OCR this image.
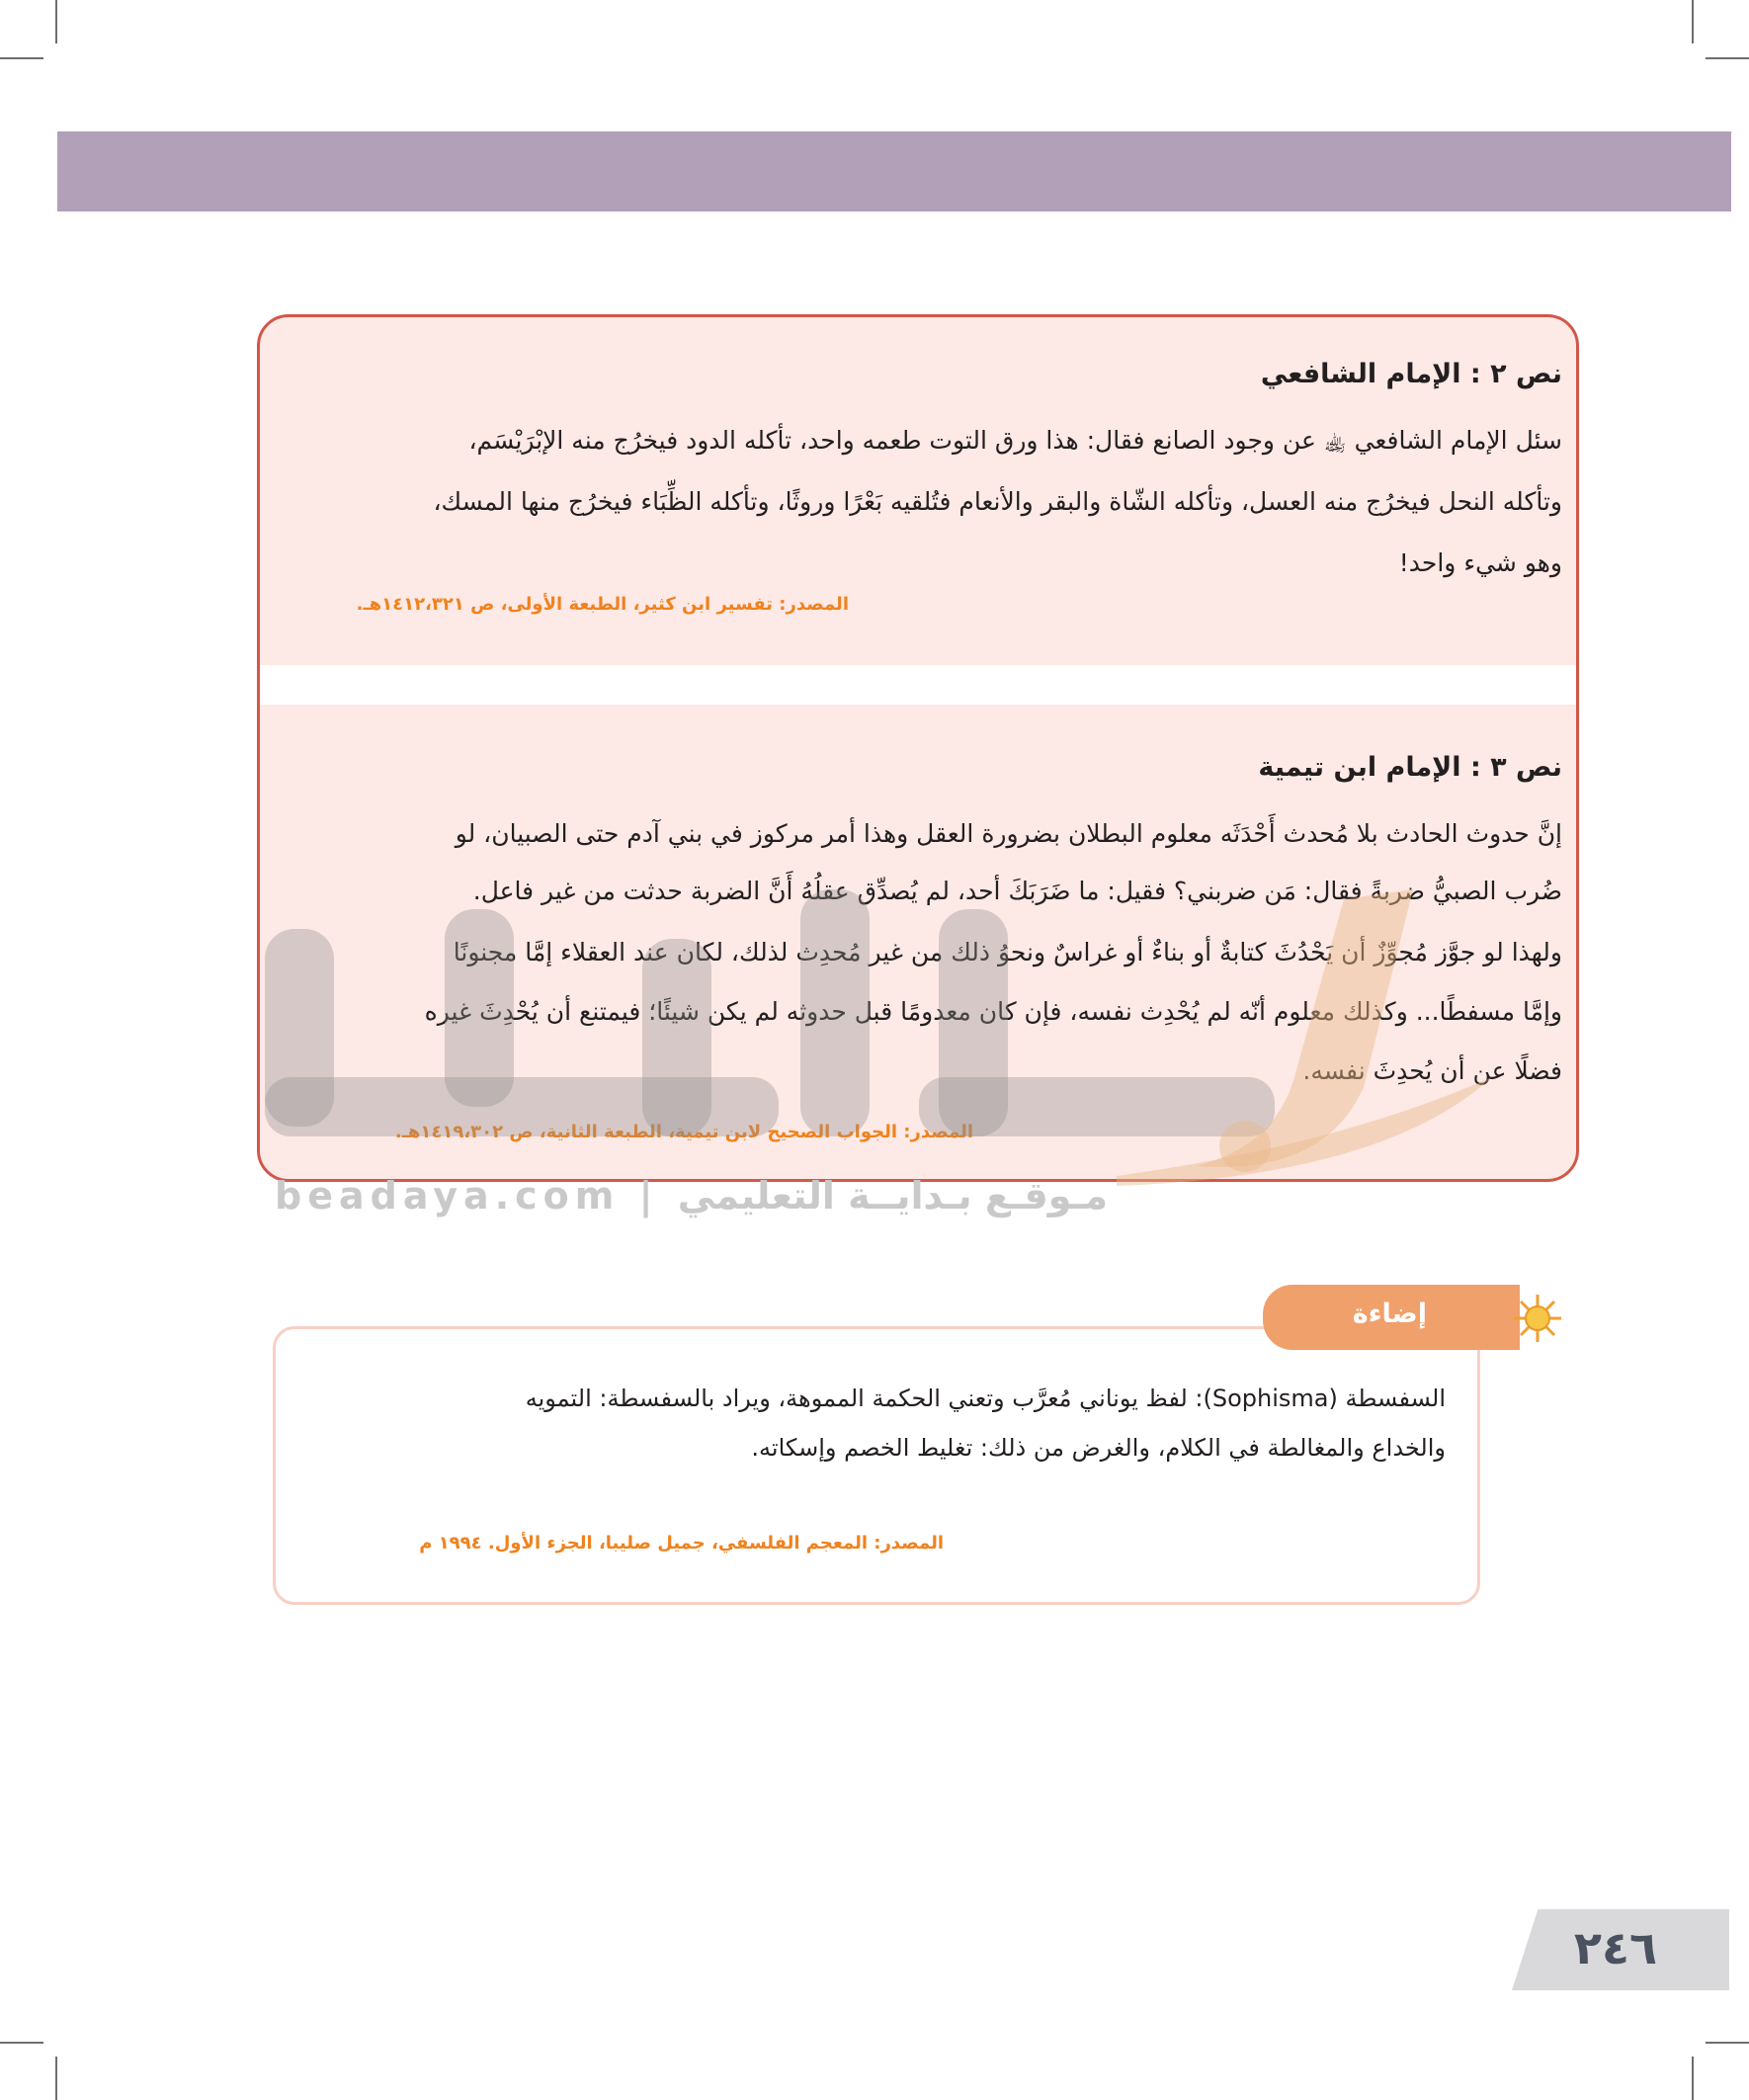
نص ٢ : الإمام الشافعي
سئل الإمام الشافعي ﵀ عن وجود الصانع فقال: هذا ورق التوت طعمه واحد، تأكله الدود فيخرُج منه الإبْرَيْسَم،
وتأكله النحل فيخرُج منه العسل، وتأكله الشّاة والبقر والأنعام فتُلقيه بَعْرًا وروثًا، وتأكله الظِّبَاء فيخرُج منها المسك،
وهو شيء واحد!
المصدر: تفسير ابن كثير، الطبعة الأولى، ص ١٤١٢،٣٢١هـ.
نص ٣ : الإمام ابن تيمية
إنَّ حدوث الحادث بلا مُحدث أَحْدَثَه معلوم البطلان بضرورة العقل وهذا أمر مركوز في بني آدم حتى الصبيان، لو
ضُرب الصبيُّ ضربةً فقال: مَن ضربني؟ فقيل: ما ضَرَبَكَ أحد، لم يُصدِّق عقلُهُ أَنَّ الضربة حدثت من غير فاعل.
ولهذا لو جوَّز مُجوِّزٌ أن يَحْدُثَ كتابةٌ أو بناءٌ أو غراسٌ ونحوُ ذلك من غير مُحدِث لذلك، لكان عند العقلاء إمَّا مجنونًا
وإمَّا مسفطًا... وكذلك معلوم أنّه لم يُحْدِث نفسه، فإن كان معدومًا قبل حدوثه لم يكن شيئًا؛ فيمتنع أن يُحْدِثَ غيره
فضلًا عن أن يُحدِثَ نفسه.
المصدر: الجواب الصحيح لابن تيمية، الطبعة الثانية، ص ١٤١٩،٣٠٢هـ.
beadaya.com | مـوقـع بـدايــة التعليمي
السفسطة (Sophisma): لفظ يوناني مُعرَّب وتعني الحكمة المموهة، ويراد بالسفسطة: التمويه
والخداع والمغالطة في الكلام، والغرض من ذلك: تغليط الخصم وإسكاته.
المصدر: المعجم الفلسفي، جميل صليبا، الجزء الأول. ١٩٩٤ م
إضاءة
٢٤٦
